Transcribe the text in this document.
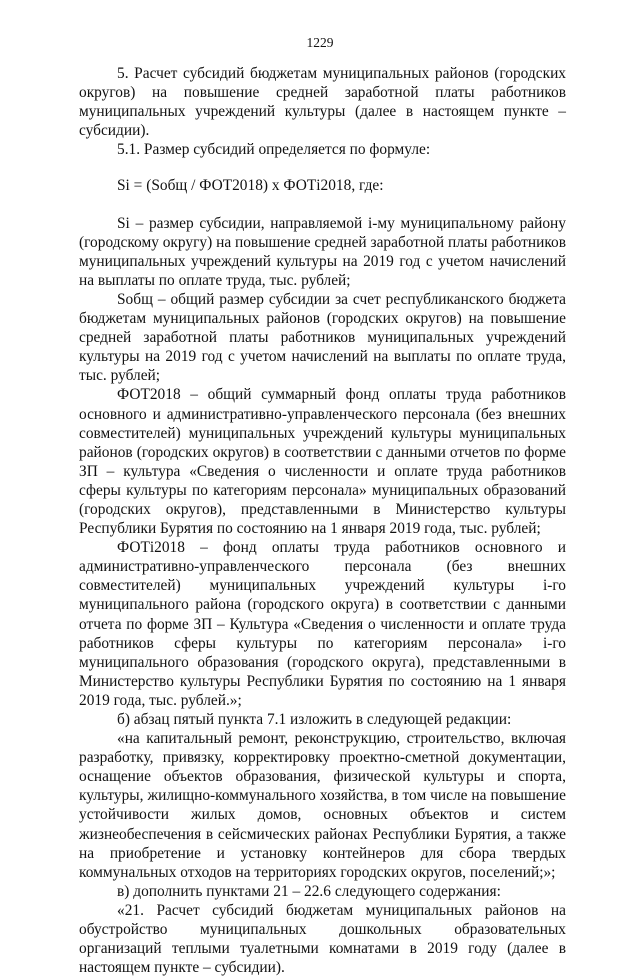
1229

5. Расчет субсидий бюджетам муниципальных районов (городских округов) на повышение средней заработной платы работников муниципальных учреждений культуры (далее в настоящем пункте – субсидии).

5.1. Размер субсидий определяется по формуле:

Si = (Soбщ / ФОТ2018) x ФОТi2018, где:

Si – размер субсидии, направляемой i-му муниципальному району (городскому округу) на повышение средней заработной платы работников муниципальных учреждений культуры на 2019 год с учетом начислений на выплаты по оплате труда, тыс. рублей;

Soбщ – общий размер субсидии за счет республиканского бюджета бюджетам муниципальных районов (городских округов) на повышение средней заработной платы работников муниципальных учреждений культуры на 2019 год с учетом начислений на выплаты по оплате труда, тыс. рублей;

ФОТ2018 – общий суммарный фонд оплаты труда работников основного и административно-управленческого персонала (без внешних совместителей) муниципальных учреждений культуры муниципальных районов (городских округов) в соответствии с данными отчетов по форме ЗП – культура «Сведения о численности и оплате труда работников сферы культуры по категориям персонала» муниципальных образований (городских округов), представленными в Министерство культуры Республики Бурятия по состоянию на 1 января 2019 года, тыс. рублей;

ФОТi2018 – фонд оплаты труда работников основного и административно-управленческого персонала (без внешних совместителей) муниципальных учреждений культуры i-го муниципального района (городского округа) в соответствии с данными отчета по форме ЗП – Культура «Сведения о численности и оплате труда работников сферы культуры по категориям персонала» i-го муниципального образования (городского округа), представленными в Министерство культуры Республики Бурятия по состоянию на 1 января 2019 года, тыс. рублей.»;

б) абзац пятый пункта 7.1 изложить в следующей редакции:

«на капитальный ремонт, реконструкцию, строительство, включая разработку, привязку, корректировку проектно-сметной документации, оснащение объектов образования, физической культуры и спорта, культуры, жилищно-коммунального хозяйства, в том числе на повышение устойчивости жилых домов, основных объектов и систем жизнеобеспечения в сейсмических районах Республики Бурятия, а также на приобретение и установку контейнеров для сбора твердых коммунальных отходов на территориях городских округов, поселений;»;

в) дополнить пунктами 21 – 22.6 следующего содержания:

«21. Расчет субсидий бюджетам муниципальных районов на обустройство муниципальных дошкольных образовательных организаций теплыми туалетными комнатами в 2019 году (далее в настоящем пункте – субсидии).
